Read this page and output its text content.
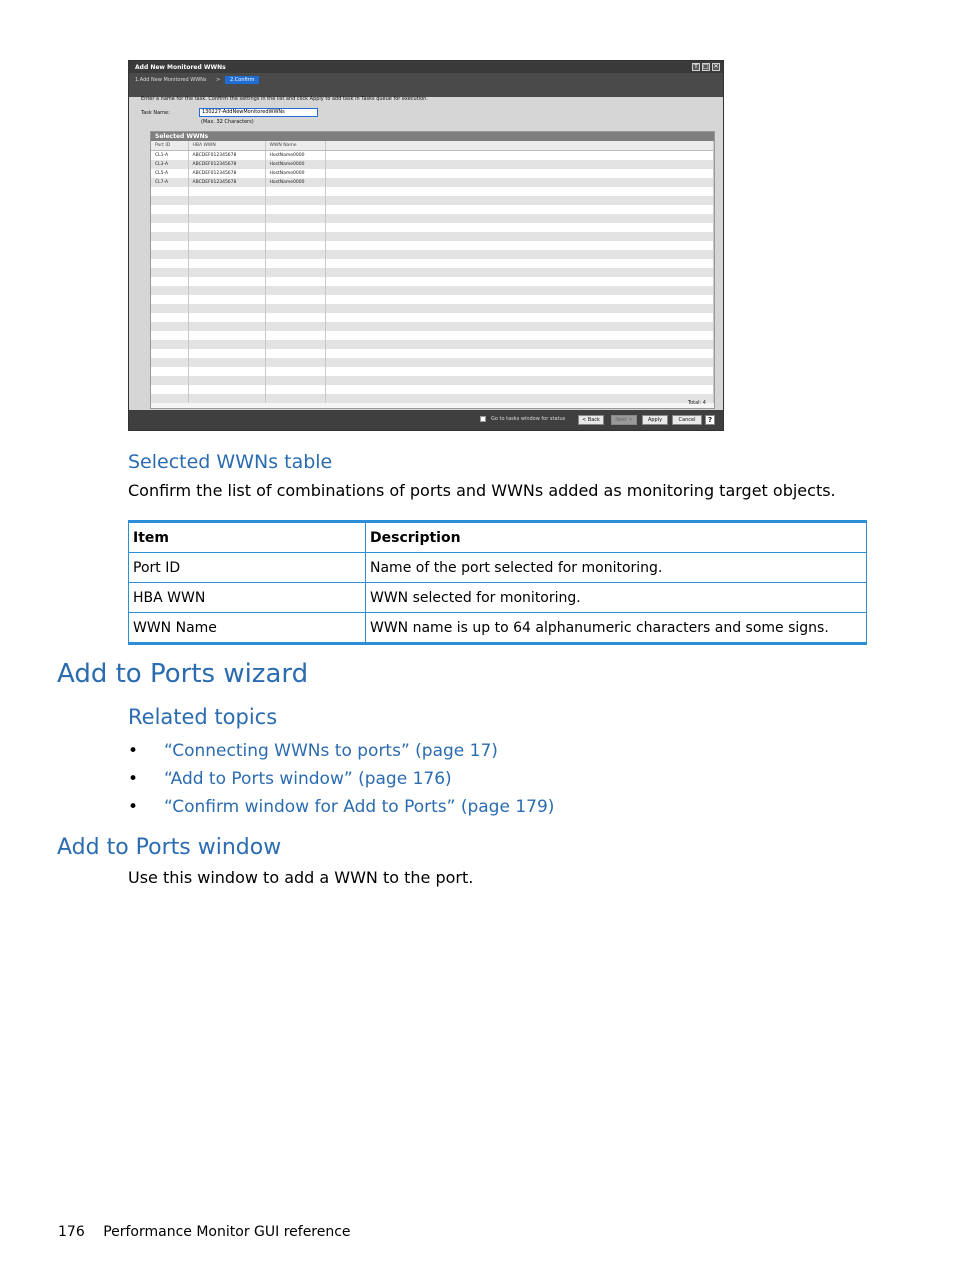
Add New Monitored WWNs	⊤ □ ✕
1.Add New Monitored WWNs >	2.Confirm
Enter a name for the task. Confirm the settings in the list and click Apply to add task in Tasks queue for execution.
Task Name:	130227-AddNewMonitoredWWNs
(Max. 32 Characters)
Selected WWNs
Port ID	HBA WWN	WWN Name	
CL1-A	ABCDEF012345678	HostName0000	
CL3-A	ABCDEF012345678	HostName0000	
CL5-A	ABCDEF012345678	HostName0000	
CL7-A	ABCDEF012345678	HostName0000	

Total: 4
Go to tasks window for status	< Back	Next >	Apply	Cancel	?
Selected WWNs table

Confirm the list of combinations of ports and WWNs added as monitoring target objects.

Item	Description
Port ID	Name of the port selected for monitoring.
HBA WWN	WWN selected for monitoring.
WWN Name	WWN name is up to 64 alphanumeric characters and some signs.
Add to Ports wizard
Related topics
• “Connecting WWNs to ports” (page 17)
• “Add to Ports window” (page 176)
• “Confirm window for Add to Ports” (page 179)
Add to Ports window

Use this window to add a WWN to the port.

176 Performance Monitor GUI reference
